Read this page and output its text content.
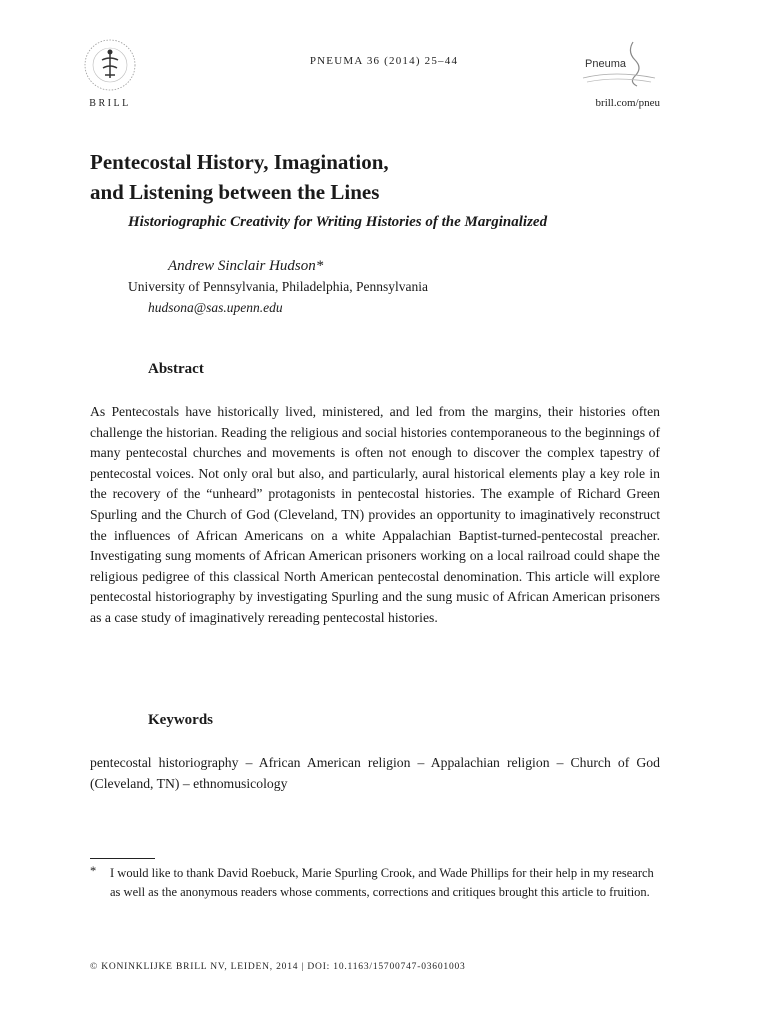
BRILL
PNEUMA 36 (2014) 25–44	Pneuma
brill.com/pneu
Pentecostal History, Imagination,
and Listening between the Lines
Historiographic Creativity for Writing Histories of the Marginalized
Andrew Sinclair Hudson*
University of Pennsylvania, Philadelphia, Pennsylvania
hudsona@sas.upenn.edu
Abstract
As Pentecostals have historically lived, ministered, and led from the margins, their histories often challenge the historian. Reading the religious and social histories contemporaneous to the beginnings of many pentecostal churches and movements is often not enough to discover the complex tapestry of pentecostal voices. Not only oral but also, and particularly, aural historical elements play a key role in the recovery of the “unheard” protagonists in pentecostal histories. The example of Richard Green Spurling and the Church of God (Cleveland, TN) provides an opportunity to imaginatively reconstruct the influences of African Americans on a white Appalachian Baptist-turned-pentecostal preacher. Investigating sung moments of African American prisoners working on a local railroad could shape the religious pedigree of this classical North American pentecostal denomination. This article will explore pentecostal historiography by investigating Spurling and the sung music of African American prisoners as a case study of imaginatively rereading pentecostal histories.
Keywords
pentecostal historiography – African American religion – Appalachian religion – Church of God (Cleveland, TN) – ethnomusicology
* I would like to thank David Roebuck, Marie Spurling Crook, and Wade Phillips for their help in my research as well as the anonymous readers whose comments, corrections and critiques brought this article to fruition.
© KONINKLIJKE BRILL NV, LEIDEN, 2014 | DOI: 10.1163/15700747-03601003
